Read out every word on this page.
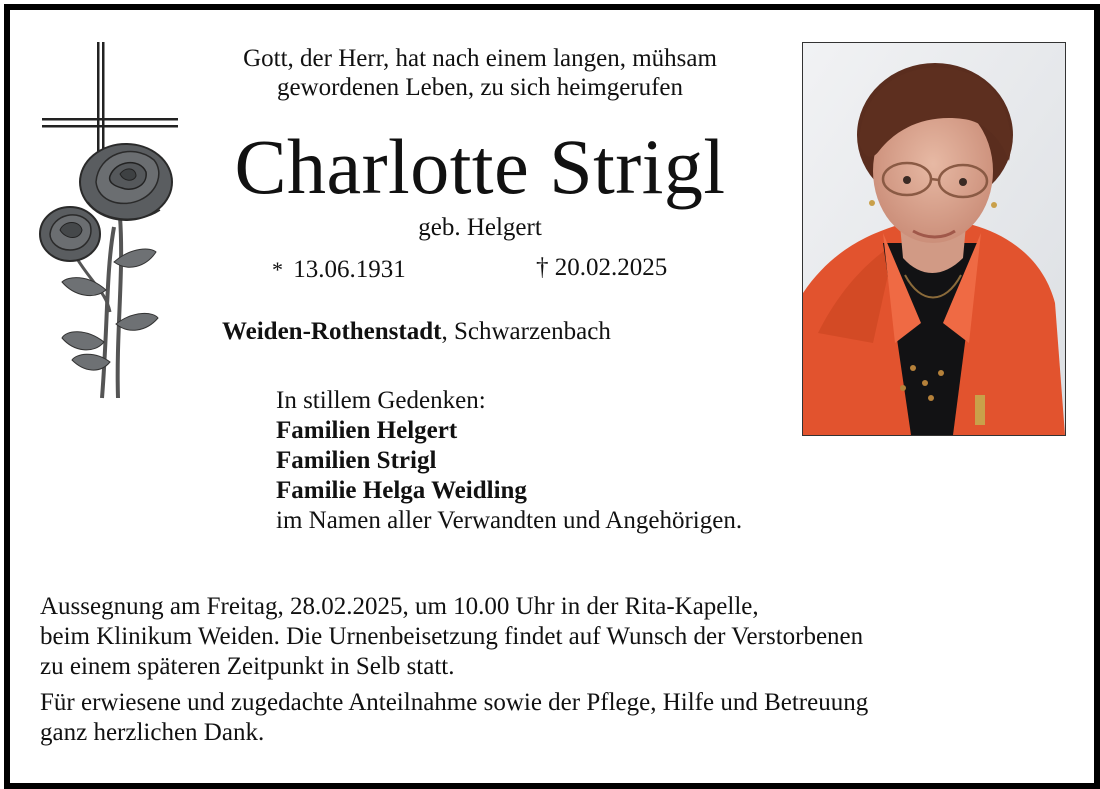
Gott, der Herr, hat nach einem langen, mühsam
gewordenen Leben, zu sich heimgerufen
Charlotte Strigl
geb. Helgert
* 13.06.1931	† 20.02.2025
Weiden-Rothenstadt, Schwarzenbach
In stillem Gedenken:
Familien Helgert
Familien Strigl
Familie Helga Weidling
im Namen aller Verwandten und Angehörigen.

Aussegnung am Freitag, 28.02.2025, um 10.00 Uhr in der Rita-Kapelle,
beim Klinikum Weiden. Die Urnenbeisetzung findet auf Wunsch der Verstorbenen
zu einem späteren Zeitpunkt in Selb statt.

Für erwiesene und zugedachte Anteilnahme sowie der Pflege, Hilfe und Betreuung
ganz herzlichen Dank.
